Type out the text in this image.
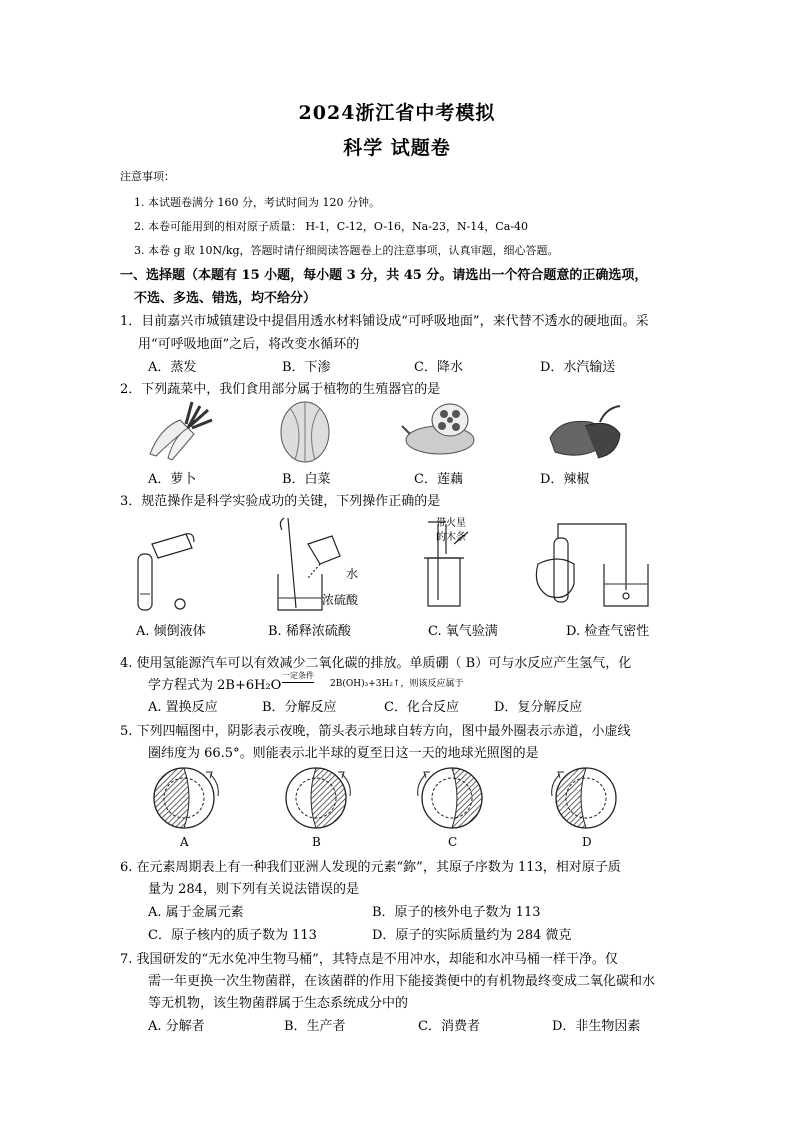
2024浙江省中考模拟
科学 试题卷
注意事项：
1. 本试题卷满分 160 分，考试时间为 120 分钟。
2. 本卷可能用到的相对原子质量： H-1，C-12，O-16，Na-23，N-14，Ca-40
3. 本卷 g 取 10N/kg，答题时请仔细阅读答题卷上的注意事项，认真审题，细心答题。
一、选择题（本题有 15 小题，每小题 3 分，共 45 分。请选出一个符合题意的正确选项，
不选、多选、错选，均不给分）
1．目前嘉兴市城镇建设中提倡用透水材料铺设成“可呼吸地面”，来代替不透水的硬地面。采
用“可呼吸地面”之后，将改变水循环的
A．蒸发	B．下渗	C．降水	D．水汽输送
2．下列蔬菜中，我们食用部分属于植物的生殖器官的是
A．萝卜	B．白菜	C．莲藕	D．辣椒
3．规范操作是科学实验成功的关键，下列操作正确的是
水
浓硫酸
带火星
的木条
A. 倾倒液体	B. 稀释浓硫酸	C. 氧气验满	D. 检查气密性
4. 使用氢能源汽车可以有效减少二氧化碳的排放。单质硼（ B）可与水反应产生氢气，化
学方程式为 2B+6H₂O
一定条件
2B(OH)₃+3H₂↑，则该反应属于
A. 置换反应	B．分解反应	C．化合反应	D．复分解反应
5. 下列四幅图中，阴影表示夜晚，箭头表示地球自转方向，图中最外圈表示赤道，小虚线
圈纬度为 66.5°。则能表示北半球的夏至日这一天的地球光照图的是
A	B	C	D
6. 在元素周期表上有一种我们亚洲人发现的元素“鉨”，其原子序数为 113，相对原子质
量为 284，则下列有关说法错误的是
A. 属于金属元素	B．原子的核外电子数为 113
C．原子核内的质子数为 113	D．原子的实际质量约为 284 微克
7. 我国研发的“无水免冲生物马桶”，其特点是不用冲水，却能和水冲马桶一样干净。仅
需一年更换一次生物菌群，在该菌群的作用下能接粪便中的有机物最终变成二氧化碳和水
等无机物，该生物菌群属于生态系统成分中的
A. 分解者	B．生产者	C．消费者	D．非生物因素
